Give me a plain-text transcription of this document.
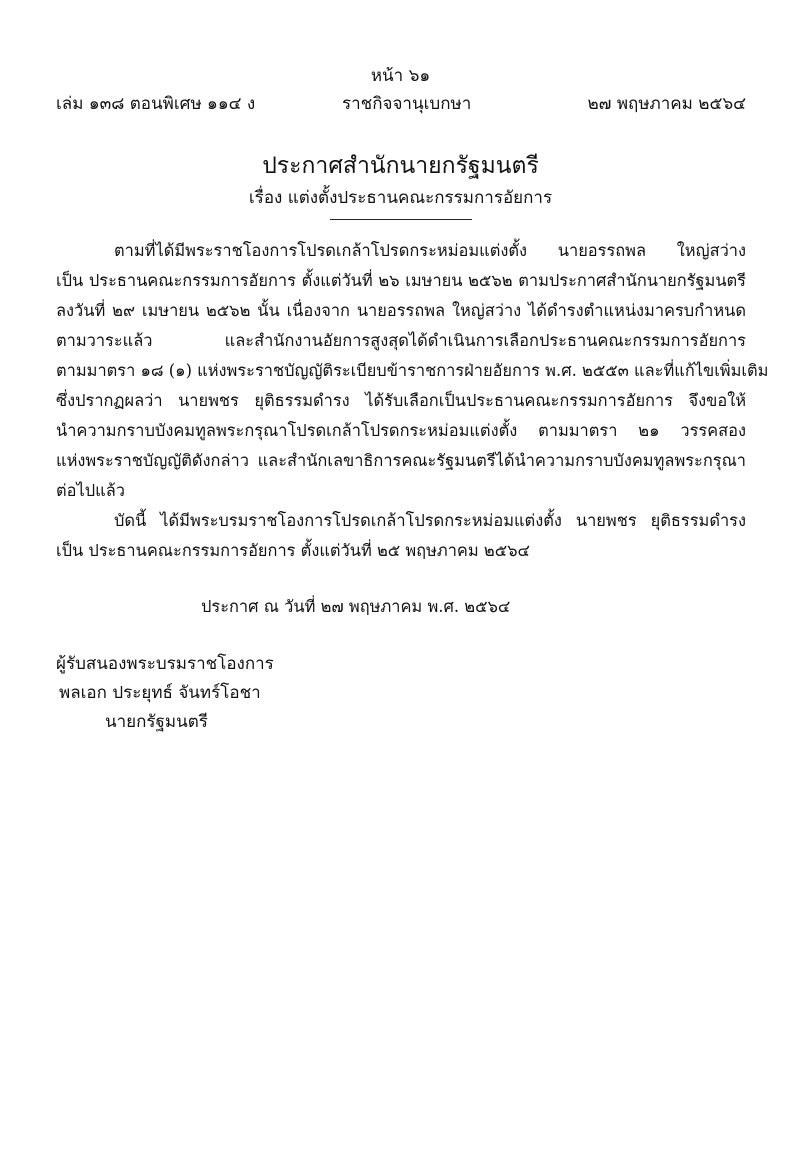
หน้า ๖๑
เล่ม ๑๓๘ ตอนพิเศษ ๑๑๔ ง	ราชกิจจานุเบกษา	๒๗ พฤษภาคม ๒๕๖๔
ประกาศสำนักนายกรัฐมนตรี
เรื่อง แต่งตั้งประธานคณะกรรมการอัยการ
ตามที่ได้มีพระราชโองการโปรดเกล้าโปรดกระหม่อมแต่งตั้ง นายอรรถพล ใหญ่สว่าง
เป็น ประธานคณะกรรมการอัยการ ตั้งแต่วันที่ ๒๖ เมษายน ๒๕๖๒ ตามประกาศสำนักนายกรัฐมนตรี
ลงวันที่ ๒๙ เมษายน ๒๕๖๒ นั้น เนื่องจาก นายอรรถพล ใหญ่สว่าง ได้ดำรงตำแหน่งมาครบกำหนด
ตามวาระแล้ว และสำนักงานอัยการสูงสุดได้ดำเนินการเลือกประธานคณะกรรมการอัยการ
ตามมาตรา ๑๘ (๑) แห่งพระราชบัญญัติระเบียบข้าราชการฝ่ายอัยการ พ.ศ. ๒๕๕๓ และที่แก้ไขเพิ่มเติม
ซึ่งปรากฏผลว่า นายพชร ยุติธรรมดำรง ได้รับเลือกเป็นประธานคณะกรรมการอัยการ จึงขอให้
นำความกราบบังคมทูลพระกรุณาโปรดเกล้าโปรดกระหม่อมแต่งตั้ง ตามมาตรา ๒๑ วรรคสอง
แห่งพระราชบัญญัติดังกล่าว และสำนักเลขาธิการคณะรัฐมนตรีได้นำความกราบบังคมทูลพระกรุณา
ต่อไปแล้ว
บัดนี้ ได้มีพระบรมราชโองการโปรดเกล้าโปรดกระหม่อมแต่งตั้ง นายพชร ยุติธรรมดำรง
เป็น ประธานคณะกรรมการอัยการ ตั้งแต่วันที่ ๒๕ พฤษภาคม ๒๕๖๔
ประกาศ ณ วันที่ ๒๗ พฤษภาคม พ.ศ. ๒๕๖๔
ผู้รับสนองพระบรมราชโองการ
พลเอก ประยุทธ์ จันทร์โอชา
นายกรัฐมนตรี
